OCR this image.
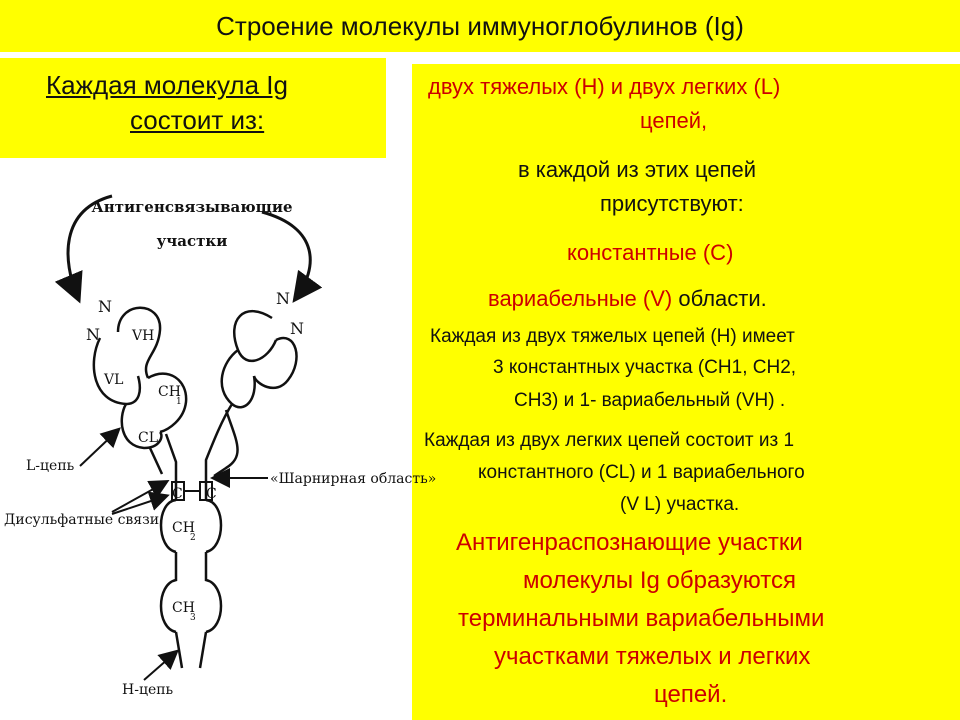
Строение молекулы иммуноглобулинов (Ig)
Каждая молекула Ig
состоит из:
двух тяжелых (Н) и двух легких (L)
цепей,
в каждой из этих цепей
присутствуют:
константные (С)
вариабельные (V) области.
Каждая из двух тяжелых цепей (Н) имеет
3 константных участка (СН1, СН2,
СН3) и 1- вариабельный (VH) .
Каждая из двух легких цепей состоит из 1
константного (CL) и 1 вариабельного
(V L) участка.
Антигенраспознающие участки
молекулы Ig образуются
терминальными вариабельными
участками тяжелых и легких
цепей.
Антигенсвязывающие
участки
N
N
N
N
VH
VL
CH
1
CL
C C
CH
2
CH
3
L-цепь
«Шарнирная область»
Дисульфатные связи
Н-цепь
